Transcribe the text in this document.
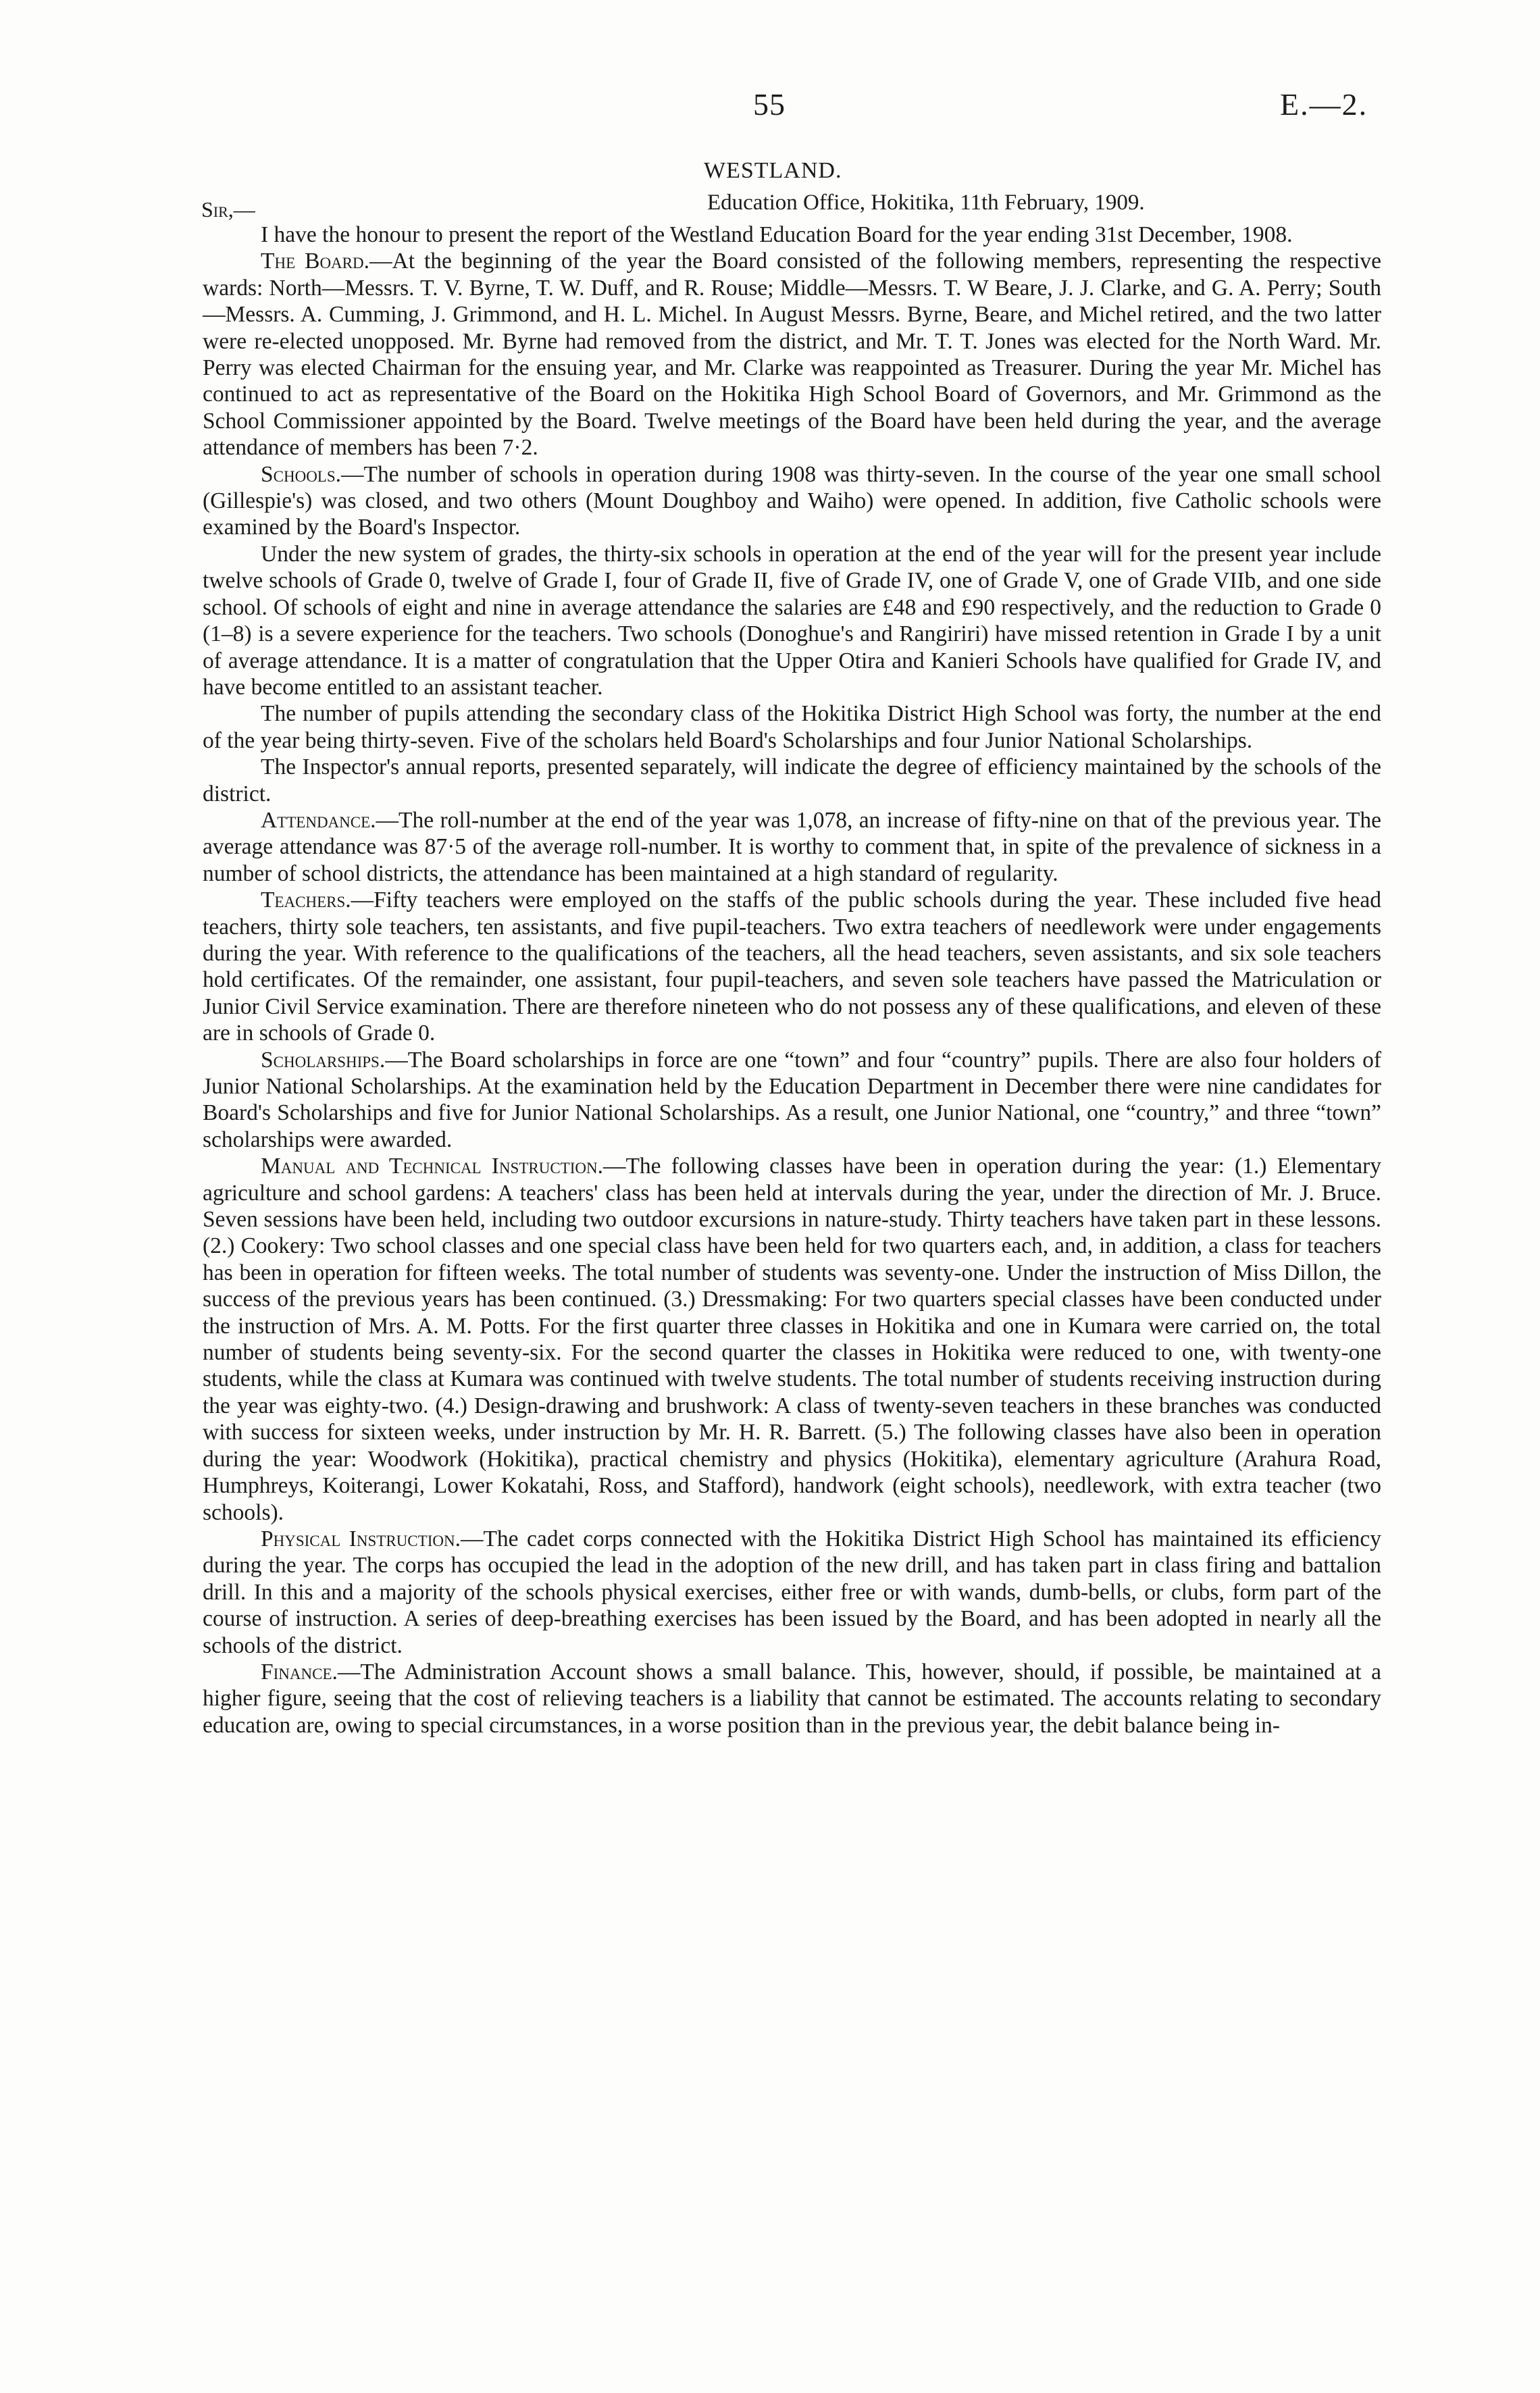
55	E.—2.
WESTLAND.
Sir,—	Education Office, Hokitika, 11th February, 1909.

I have the honour to present the report of the Westland Education Board for the year ending 31st December, 1908.

The Board.—At the beginning of the year the Board consisted of the following members, representing the respective wards: North—Messrs. T. V. Byrne, T. W. Duff, and R. Rouse; Middle—Messrs. T. W Beare, J. J. Clarke, and G. A. Perry; South—Messrs. A. Cumming, J. Grimmond, and H. L. Michel. In August Messrs. Byrne, Beare, and Michel retired, and the two latter were re-elected unopposed. Mr. Byrne had removed from the district, and Mr. T. T. Jones was elected for the North Ward. Mr. Perry was elected Chairman for the ensuing year, and Mr. Clarke was reappointed as Treasurer. During the year Mr. Michel has continued to act as representative of the Board on the Hokitika High School Board of Governors, and Mr. Grimmond as the School Commissioner appointed by the Board. Twelve meetings of the Board have been held during the year, and the average attendance of members has been 7·2.

Schools.—The number of schools in operation during 1908 was thirty-seven. In the course of the year one small school (Gillespie's) was closed, and two others (Mount Doughboy and Waiho) were opened. In addition, five Catholic schools were examined by the Board's Inspector.

Under the new system of grades, the thirty-six schools in operation at the end of the year will for the present year include twelve schools of Grade 0, twelve of Grade I, four of Grade II, five of Grade IV, one of Grade V, one of Grade VIIb, and one side school. Of schools of eight and nine in average attendance the salaries are £48 and £90 respectively, and the reduction to Grade 0 (1–8) is a severe experience for the teachers. Two schools (Donoghue's and Rangiriri) have missed retention in Grade I by a unit of average attendance. It is a matter of congratulation that the Upper Otira and Kanieri Schools have qualified for Grade IV, and have become entitled to an assistant teacher.

The number of pupils attending the secondary class of the Hokitika District High School was forty, the number at the end of the year being thirty-seven. Five of the scholars held Board's Scholarships and four Junior National Scholarships.

The Inspector's annual reports, presented separately, will indicate the degree of efficiency maintained by the schools of the district.

Attendance.—The roll-number at the end of the year was 1,078, an increase of fifty-nine on that of the previous year. The average attendance was 87·5 of the average roll-number. It is worthy to comment that, in spite of the prevalence of sickness in a number of school districts, the attendance has been maintained at a high standard of regularity.

Teachers.—Fifty teachers were employed on the staffs of the public schools during the year. These included five head teachers, thirty sole teachers, ten assistants, and five pupil-teachers. Two extra teachers of needlework were under engagements during the year. With reference to the qualifications of the teachers, all the head teachers, seven assistants, and six sole teachers hold certificates. Of the remainder, one assistant, four pupil-teachers, and seven sole teachers have passed the Matriculation or Junior Civil Service examination. There are therefore nineteen who do not possess any of these qualifications, and eleven of these are in schools of Grade 0.

Scholarships.—The Board scholarships in force are one “town” and four “country” pupils. There are also four holders of Junior National Scholarships. At the examination held by the Education Department in December there were nine candidates for Board's Scholarships and five for Junior National Scholarships. As a result, one Junior National, one “country,” and three “town” scholarships were awarded.

Manual and Technical Instruction.—The following classes have been in operation during the year: (1.) Elementary agriculture and school gardens: A teachers' class has been held at intervals during the year, under the direction of Mr. J. Bruce. Seven sessions have been held, including two outdoor excursions in nature-study. Thirty teachers have taken part in these lessons. (2.) Cookery: Two school classes and one special class have been held for two quarters each, and, in addition, a class for teachers has been in operation for fifteen weeks. The total number of students was seventy-one. Under the instruction of Miss Dillon, the success of the previous years has been continued. (3.) Dressmaking: For two quarters special classes have been conducted under the instruction of Mrs. A. M. Potts. For the first quarter three classes in Hokitika and one in Kumara were carried on, the total number of students being seventy-six. For the second quarter the classes in Hokitika were reduced to one, with twenty-one students, while the class at Kumara was continued with twelve students. The total number of students receiving instruction during the year was eighty-two. (4.) Design-drawing and brushwork: A class of twenty-seven teachers in these branches was conducted with success for sixteen weeks, under instruction by Mr. H. R. Barrett. (5.) The following classes have also been in operation during the year: Woodwork (Hokitika), practical chemistry and physics (Hokitika), elementary agriculture (Arahura Road, Humphreys, Koiterangi, Lower Kokatahi, Ross, and Stafford), handwork (eight schools), needlework, with extra teacher (two schools).

Physical Instruction.—The cadet corps connected with the Hokitika District High School has maintained its efficiency during the year. The corps has occupied the lead in the adoption of the new drill, and has taken part in class firing and battalion drill. In this and a majority of the schools physical exercises, either free or with wands, dumb-bells, or clubs, form part of the course of instruction. A series of deep-breathing exercises has been issued by the Board, and has been adopted in nearly all the schools of the district.

Finance.—The Administration Account shows a small balance. This, however, should, if possible, be maintained at a higher figure, seeing that the cost of relieving teachers is a liability that cannot be estimated. The accounts relating to secondary education are, owing to special circumstances, in a worse position than in the previous year, the debit balance being in-
